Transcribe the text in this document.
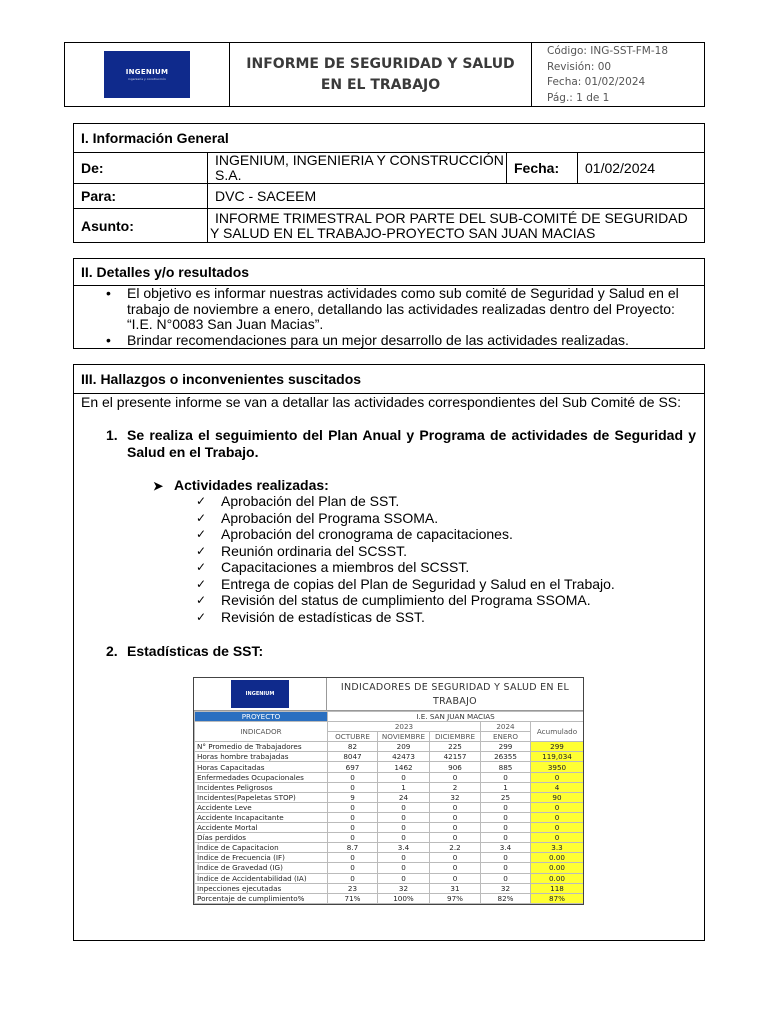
INGENIUM
ingeniería y construcción
INFORME DE SEGURIDAD Y SALUD EN EL TRABAJO
Código: ING-SST-FM-18
Revisión: 00
Fecha: 01/02/2024
Pág.: 1 de 1
I. Información General
De:	INGENIUM, INGENIERIA Y CONSTRUCCIÓN S.A.	Fecha:	01/02/2024
Para:	DVC - SACEEM
Asunto:	INFORME TRIMESTRAL POR PARTE DEL SUB-COMITÉ DE SEGURIDAD Y SALUD EN EL TRABAJO-PROYECTO SAN JUAN MACIAS
II. Detalles y/o resultados
• El objetivo es informar nuestras actividades como sub comité de Seguridad y Salud en el trabajo de noviembre a enero, detallando las actividades realizadas dentro del Proyecto: “I.E. N°0083 San Juan Macias”.
• Brindar recomendaciones para un mejor desarrollo de las actividades realizadas.
III. Hallazgos o inconvenientes suscitados
En el presente informe se van a detallar las actividades correspondientes del Sub Comité de SS:
1. Se realiza el seguimiento del Plan Anual y Programa de actividades de Seguridad y Salud en el Trabajo.
➤ Actividades realizadas:
✓ Aprobación del Plan de SST.
✓ Aprobación del Programa SSOMA.
✓ Aprobación del cronograma de capacitaciones.
✓ Reunión ordinaria del SCSST.
✓ Capacitaciones a miembros del SCSST.
✓ Entrega de copias del Plan de Seguridad y Salud en el Trabajo.
✓ Revisión del status de cumplimiento del Programa SSOMA.
✓ Revisión de estadísticas de SST.
2. Estadísticas de SST:
INGENIUM
INDICADORES DE SEGURIDAD Y SALUD EN EL TRABAJO
PROYECTO	I.E. SAN JUAN MACIAS				
INDICADOR	2023			2024	Acumulado
	OCTUBRE	NOVIEMBRE	DICIEMBRE	ENERO	
N° Promedio de Trabajadores	82	209	225	299	299
Horas hombre trabajadas	8047	42473	42157	26355	119,034
Horas Capacitadas	697	1462	906	885	3950
Enfermedades Ocupacionales	0	0	0	0	0
Incidentes Peligrosos	0	1	2	1	4
Incidentes(Papeletas STOP)	9	24	32	25	90
Accidente Leve	0	0	0	0	0
Accidente Incapacitante	0	0	0	0	0
Accidente Mortal	0	0	0	0	0
Días perdidos	0	0	0	0	0
Índice de Capacitacion	8.7	3.4	2.2	3.4	3.3
Índice de Frecuencia (IF)	0	0	0	0	0.00
Índice de Gravedad (IG)	0	0	0	0	0.00
Índice de Accidentabilidad (IA)	0	0	0	0	0.00
Inpecciones ejecutadas	23	32	31	32	118
Porcentaje de cumplimiento%	71%	100%	97%	82%	87%
